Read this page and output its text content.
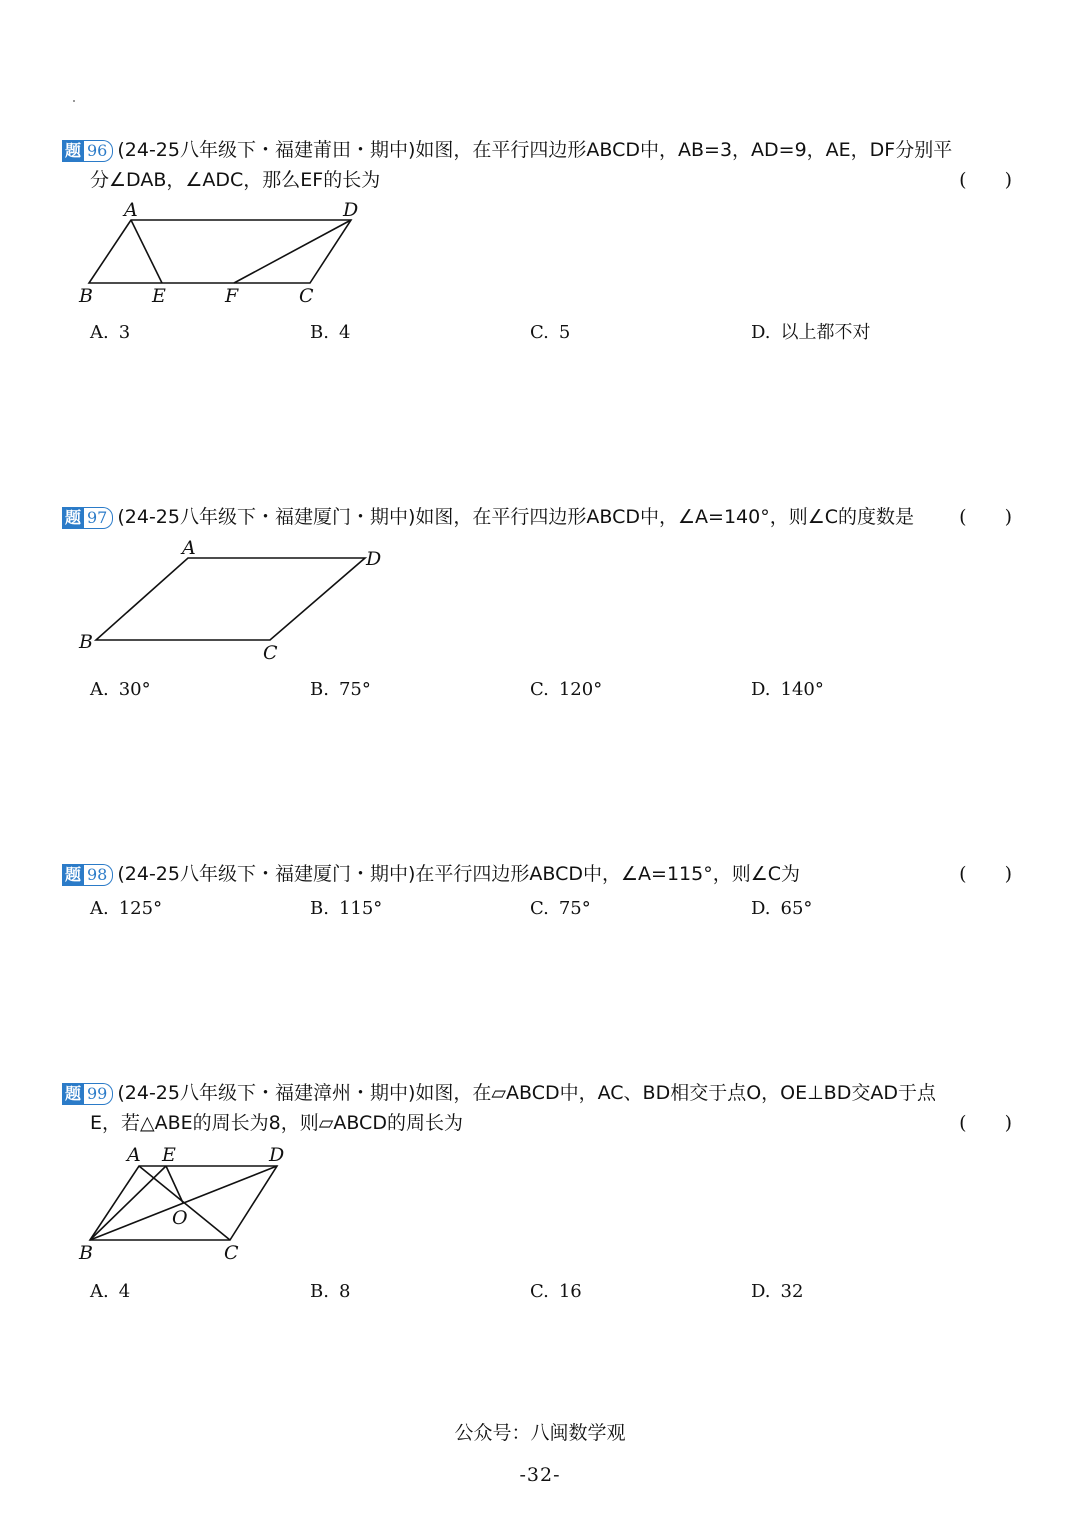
题 96 (24-25八年级下・福建莆田・期中)如图，在平行四边形ABCD中，AB=3，AD=9，AE，DF分别平
分∠DAB，∠ADC，那么EF的长为	(　　)
A	D
B	E	F	C
A. 3	B. 4	C. 5	D. 以上都不对
题 97 (24-25八年级下・福建厦门・期中)如图，在平行四边形ABCD中，∠A=140°，则∠C的度数是 (　　)
A	D
B	C
A. 30°	B. 75°	C. 120°	D. 140°
题 98 (24-25八年级下・福建厦门・期中)在平行四边形ABCD中，∠A=115°，则∠C为	(　　)
A. 125°	B. 115°	C. 75°	D. 65°
题 99 (24-25八年级下・福建漳州・期中)如图，在▱ABCD中，AC、BD相交于点O，OE⊥BD交AD于点
E，若△ABE的周长为8，则▱ABCD的周长为	(　　)
A E	D
O
B	C
A. 4	B. 8	C. 16	D. 32
公众号：八闽数学观
-32-
